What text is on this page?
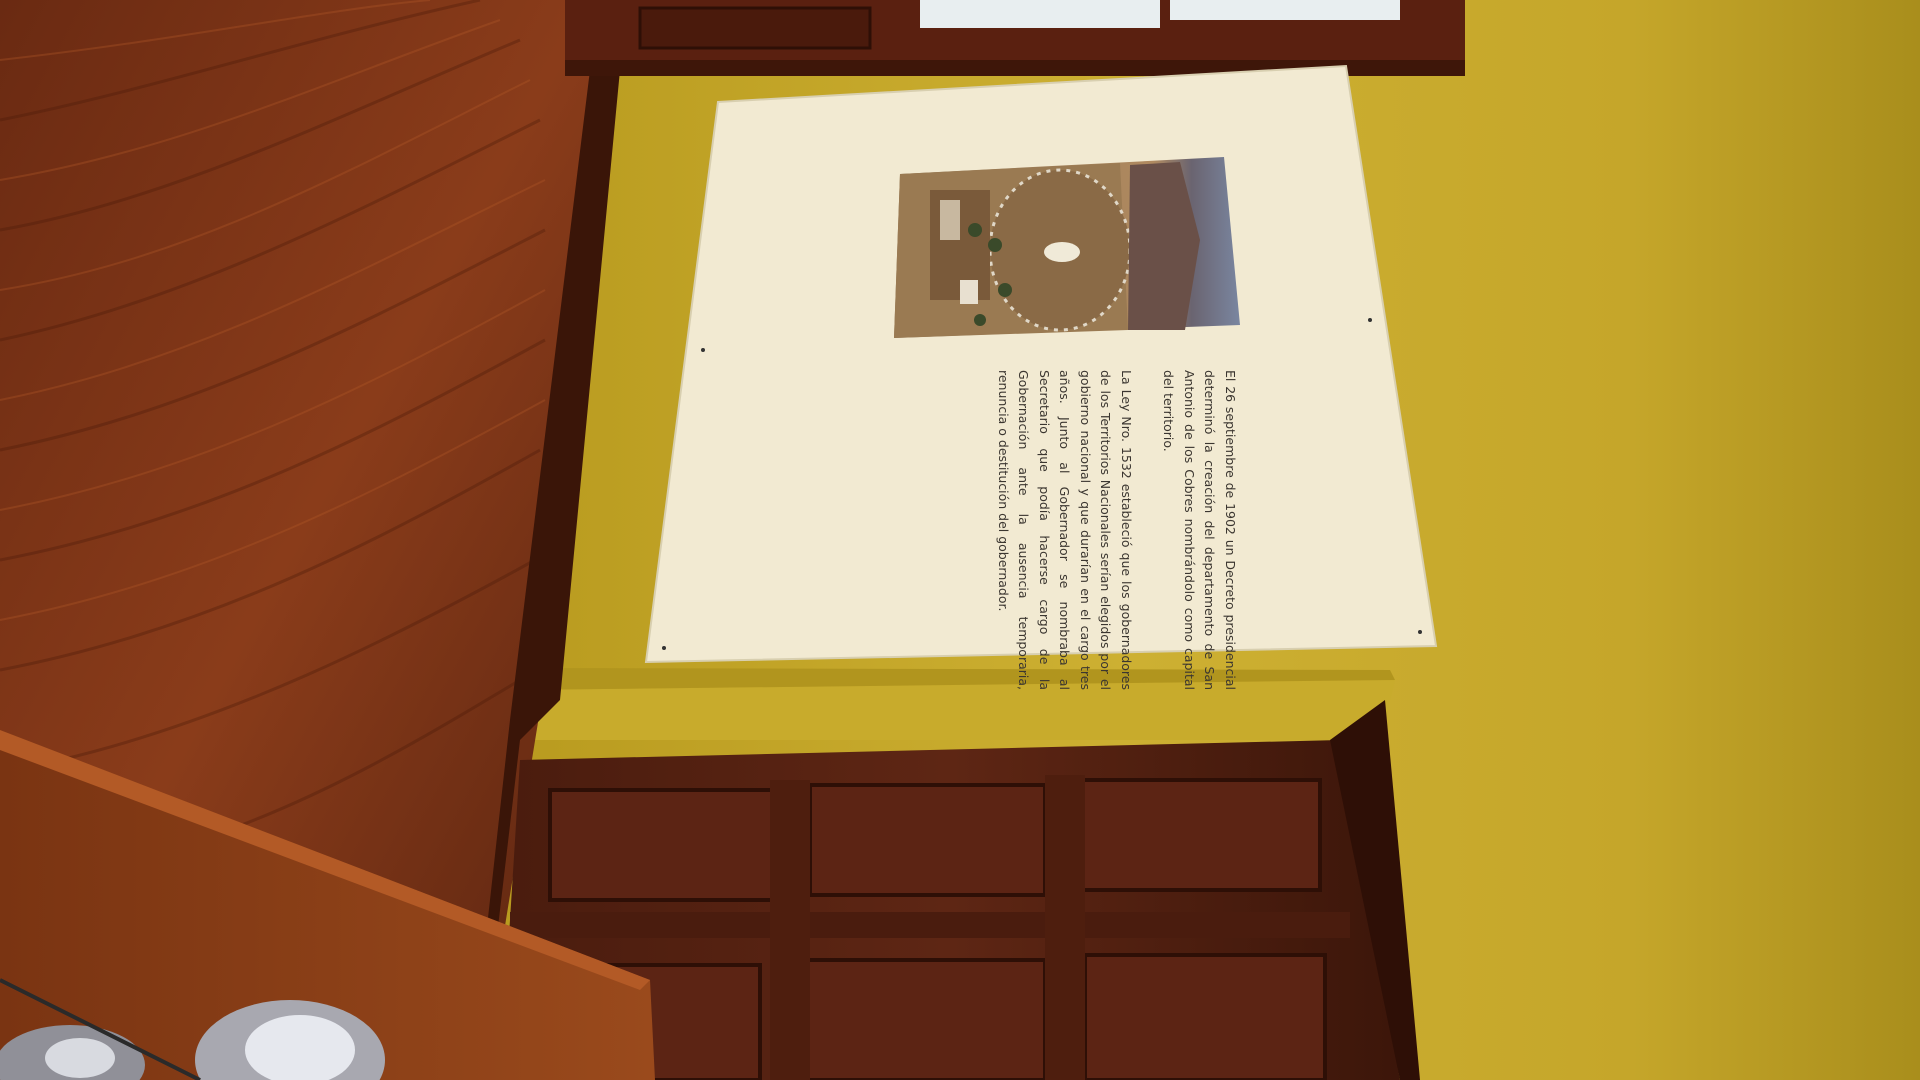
El 26 septiembre de 1902 un Decreto presidencial determinó la creación del departamento de San Antonio de los Cobres nombrándolo como capital del territorio.

La Ley Nro. 1532 estableció que los gobernadores de los Territorios Nacionales serían elegidos por el gobierno nacional y que durarían en el cargo tres años. Junto al Gobernador se nombraba al Secretario que podía hacerse cargo de la Gobernación ante la ausencia temporaria, renuncia o destitución del gobernador.
